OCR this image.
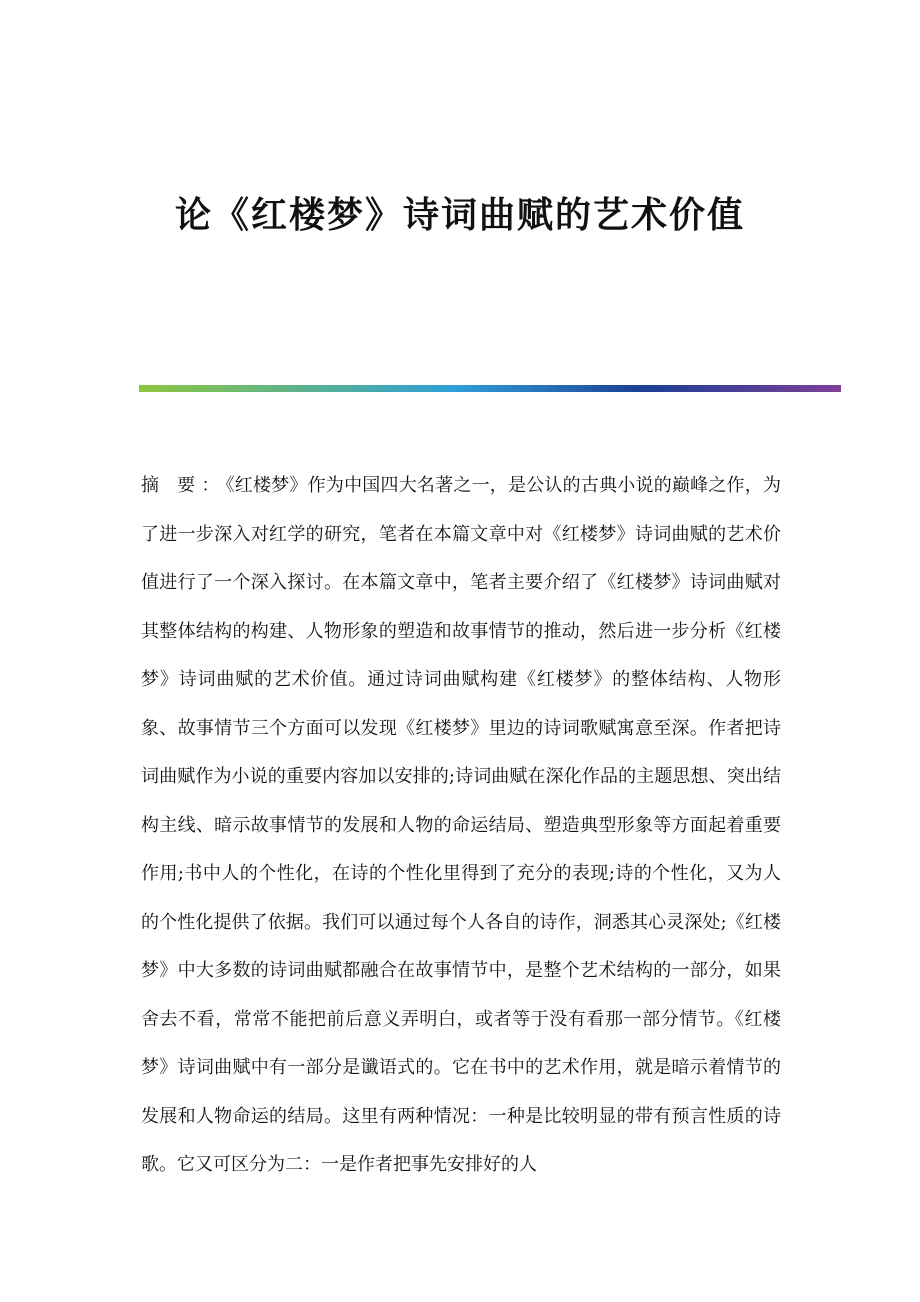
论《红楼梦》诗词曲赋的艺术价值

摘 要：《红楼梦》作为中国四大名著之一，是公认的古典小说的巅峰之作，为了进一步深入对红学的研究，笔者在本篇文章中对《红楼梦》诗词曲赋的艺术价值进行了一个深入探讨。在本篇文章中，笔者主要介绍了《红楼梦》诗词曲赋对其整体结构的构建、人物形象的塑造和故事情节的推动，然后进一步分析《红楼梦》诗词曲赋的艺术价值。通过诗词曲赋构建《红楼梦》的整体结构、人物形象、故事情节三个方面可以发现《红楼梦》里边的诗词歌赋寓意至深。作者把诗词曲赋作为小说的重要内容加以安排的;诗词曲赋在深化作品的主题思想、突出结构主线、暗示故事情节的发展和人物的命运结局、塑造典型形象等方面起着重要作用;书中人的个性化，在诗的个性化里得到了充分的表现;诗的个性化，又为人的个性化提供了依据。我们可以通过每个人各自的诗作，洞悉其心灵深处;《红楼梦》中大多数的诗词曲赋都融合在故事情节中，是整个艺术结构的一部分，如果舍去不看，常常不能把前后意义弄明白，或者等于没有看那一部分情节。《红楼梦》诗词曲赋中有一部分是谶语式的。它在书中的艺术作用，就是暗示着情节的发展和人物命运的结局。这里有两种情况：一种是比较明显的带有预言性质的诗歌。它又可区分为二：一是作者把事先安排好的人
